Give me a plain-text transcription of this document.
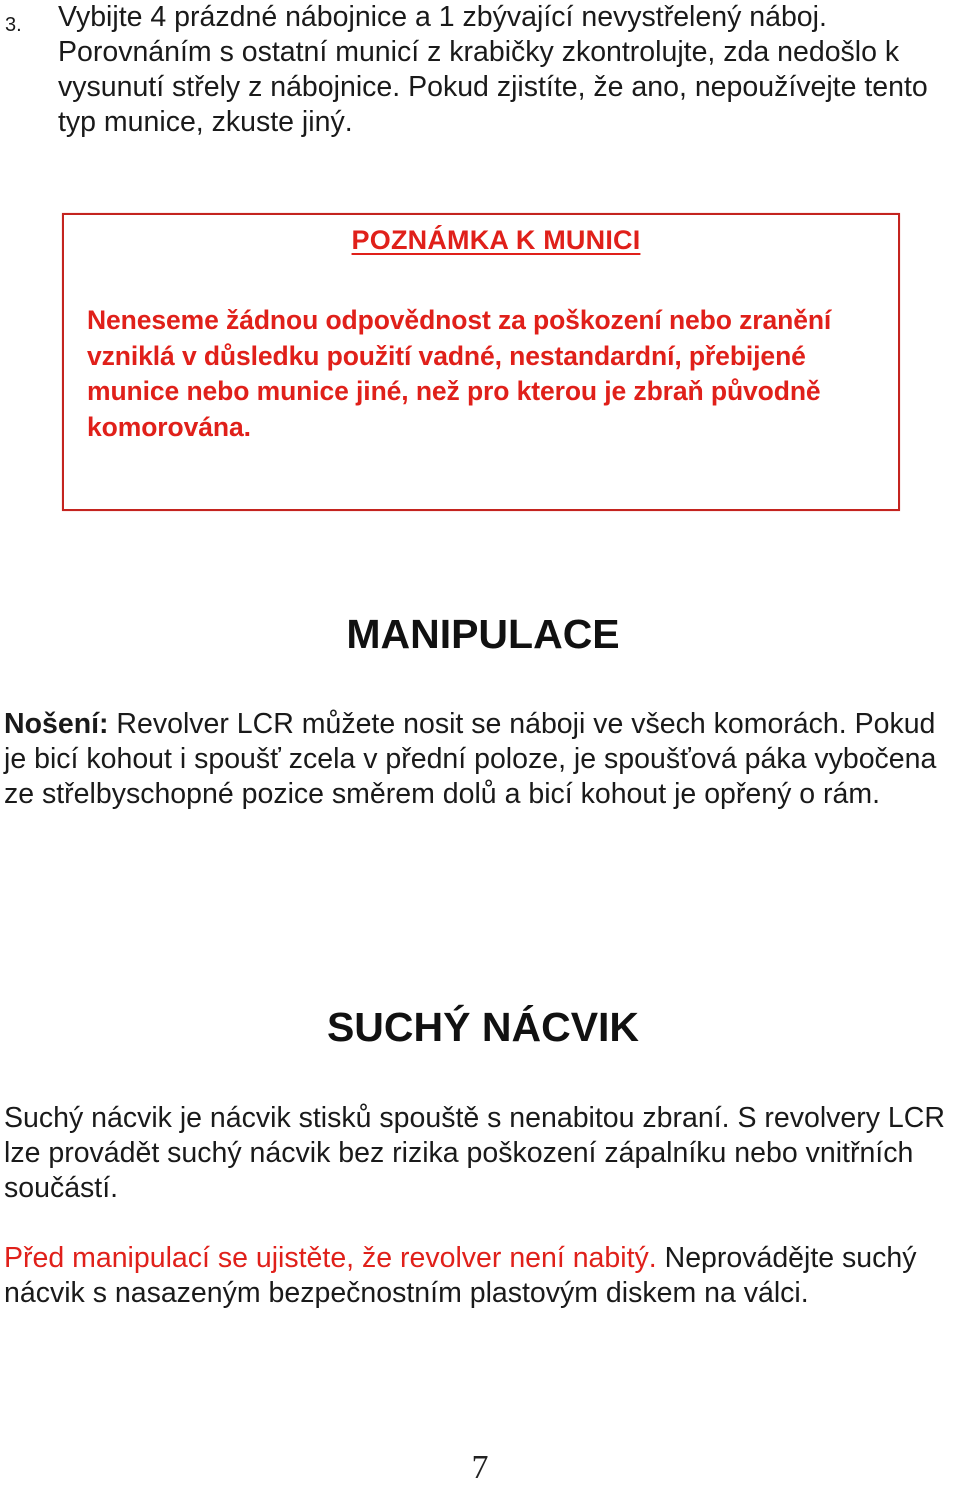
3. Vybijte 4 prázdné nábojnice a 1 zbývající nevystřelený náboj. Porovnáním s ostatní municí z krabičky zkontrolujte, zda nedošlo k vysunutí střely z nábojnice. Pokud zjistíte, že ano, nepoužívejte tento typ munice, zkuste jiný.
POZNÁMKA K MUNICI
Neneseme žádnou odpovědnost za poškození nebo zranění vzniklá v důsledku použití vadné, nestandardní, přebijené munice nebo munice jiné, než pro kterou je zbraň původně komorována.
MANIPULACE
Nošení: Revolver LCR můžete nosit se náboji ve všech komorách. Pokud je bicí kohout i spoušť zcela v přední poloze, je spoušťová páka vybočena ze střelbyschopné pozice směrem dolů a bicí kohout je opřený o rám.
SUCHÝ NÁCVIK
Suchý nácvik je nácvik stisků spouště s nenabitou zbraní. S revolvery LCR lze provádět suchý nácvik bez rizika poškození zápalníku nebo vnitřních součástí.
Před manipulací se ujistěte, že revolver není nabitý. Neprovádějte suchý nácvik s nasazeným bezpečnostním plastovým diskem na válci.
7
